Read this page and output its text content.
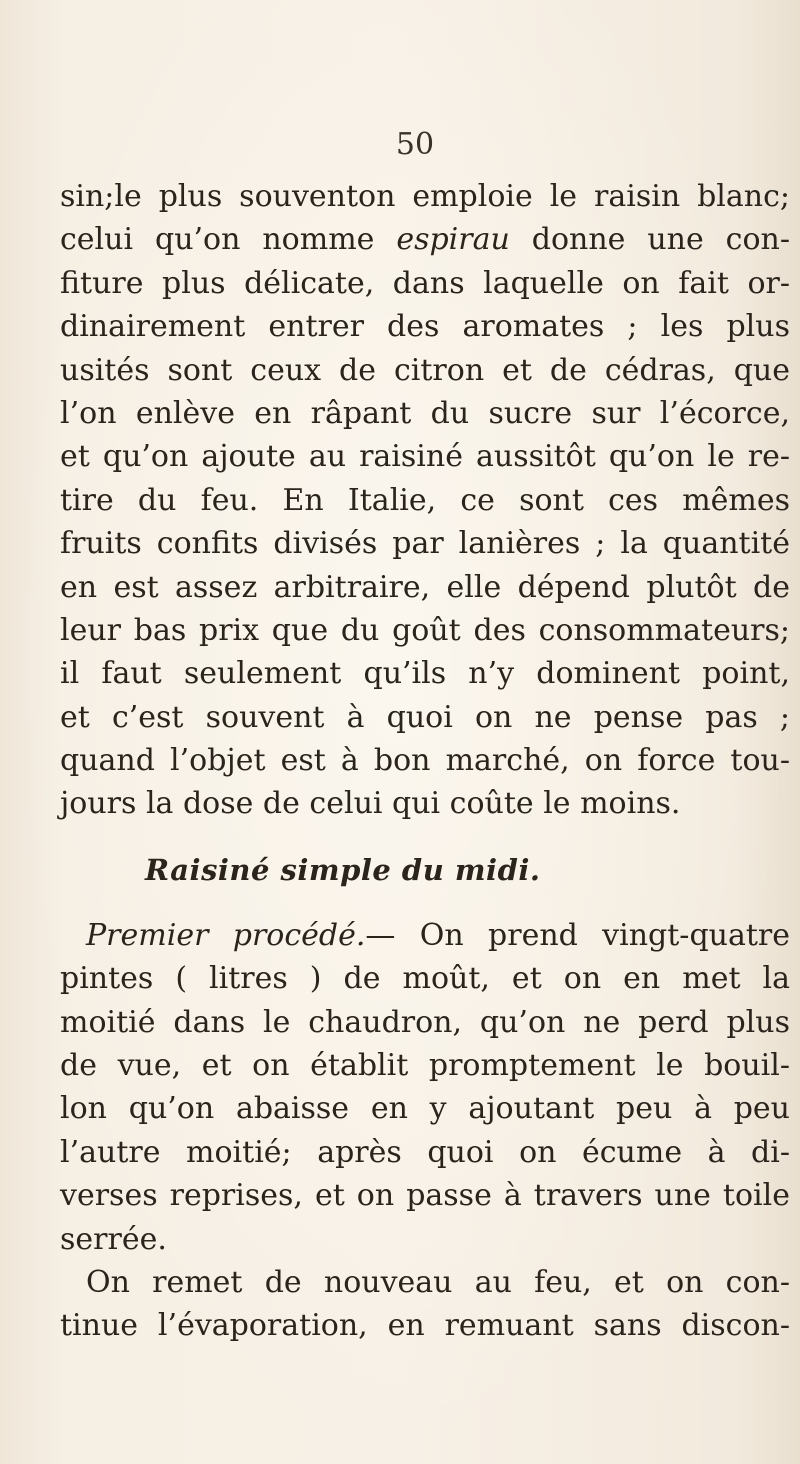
50
sin;le plus souventon emploie le raisin blanc;
celui qu’on nomme espirau donne une con-
fiture plus délicate, dans laquelle on fait or-
dinairement entrer des aromates ; les plus
usités sont ceux de citron et de cédras, que
l’on enlève en râpant du sucre sur l’écorce,
et qu’on ajoute au raisiné aussitôt qu’on le re-
tire du feu. En Italie, ce sont ces mêmes
fruits confits divisés par lanières ; la quantité
en est assez arbitraire, elle dépend plutôt de
leur bas prix que du goût des consommateurs;
il faut seulement qu’ils n’y dominent point,
et c’est souvent à quoi on ne pense pas ;
quand l’objet est à bon marché, on force tou-
jours la dose de celui qui coûte le moins.
Raisiné simple du midi.
Premier procédé.— On prend vingt-quatre
pintes ( litres ) de moût, et on en met la
moitié dans le chaudron, qu’on ne perd plus
de vue, et on établit promptement le bouil-
lon qu’on abaisse en y ajoutant peu à peu
l’autre moitié; après quoi on écume à di-
verses reprises, et on passe à travers une toile
serrée.
On remet de nouveau au feu, et on con-
tinue l’évaporation, en remuant sans discon-
